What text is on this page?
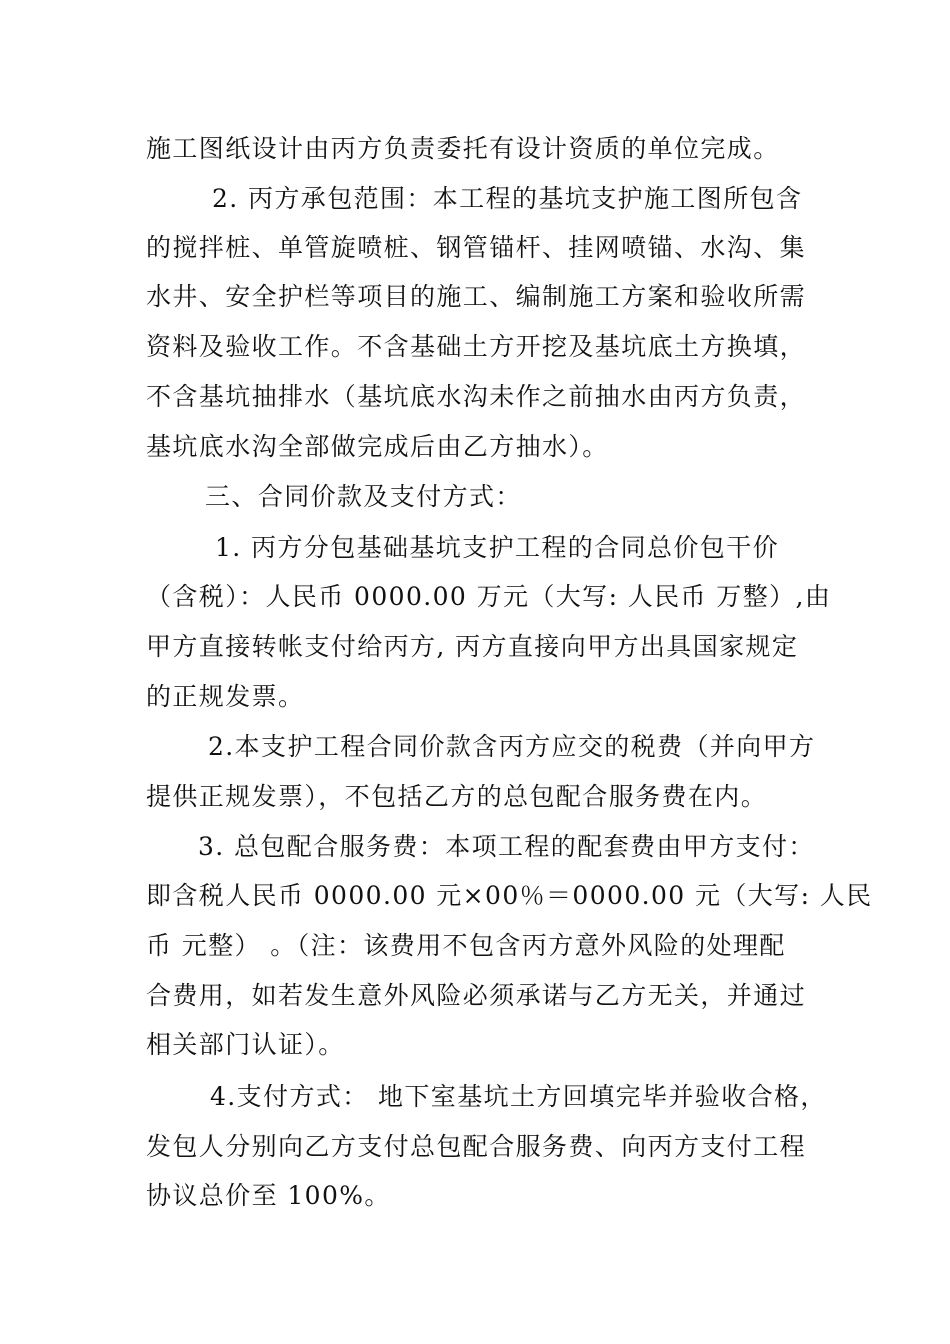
施工图纸设计由丙方负责委托有设计资质的单位完成。
2. 丙方承包范围：本工程的基坑支护施工图所包含
的搅拌桩、单管旋喷桩、钢管锚杆、挂网喷锚、水沟、集
水井、安全护栏等项目的施工、编制施工方案和验收所需
资料及验收工作。不含基础土方开挖及基坑底土方换填，
不含基坑抽排水（基坑底水沟未作之前抽水由丙方负责，
基坑底水沟全部做完成后由乙方抽水）。
三、合同价款及支付方式：
1. 丙方分包基础基坑支护工程的合同总价包干价
（含税）：人民币 0000.00 万元（大写: 人民币 万整）,由
甲方直接转帐支付给丙方, 丙方直接向甲方出具国家规定
的正规发票。
2.本支护工程合同价款含丙方应交的税费（并向甲方
提供正规发票），不包括乙方的总包配合服务费在内。
3. 总包配合服务费：本项工程的配套费由甲方支付：
即含税人民币 0000.00 元×00％＝0000.00 元（大写: 人民
币 元整） 。（注：该费用不包含丙方意外风险的处理配
合费用，如若发生意外风险必须承诺与乙方无关，并通过
相关部门认证）。
4.支付方式： 地下室基坑土方回填完毕并验收合格，
发包人分别向乙方支付总包配合服务费、向丙方支付工程
协议总价至 100%。
